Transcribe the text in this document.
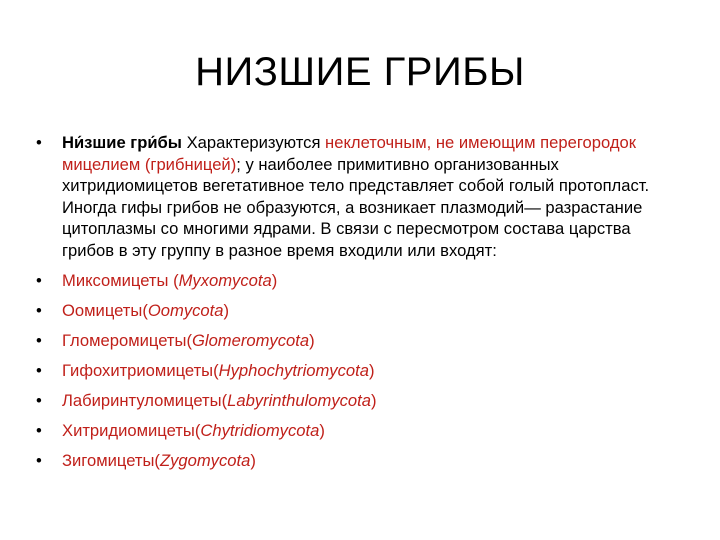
НИЗШИЕ ГРИБЫ
• Ни́зшие гри́бы Характеризуются неклеточным, не имеющим перегородок мицелием (грибницей); у наиболее примитивно организованных хитридиомицетов вегетативное тело представляет собой голый протопласт. Иногда гифы грибов не образуются, а возникает плазмодий— разрастание цитоплазмы со многими ядрами. В связи с пересмотром состава царства грибов в эту группу в разное время входили или входят:
• Миксомицеты (Myxomycota)
• Оомицеты(Oomycota)
• Гломеромицеты(Glomeromycota)
• Гифохитриомицеты(Hyphochytriomycota)
• Лабиринтуломицеты(Labyrinthulomycota)
• Хитридиомицеты(Chytridiomycota)
• Зигомицеты(Zygomycota)
